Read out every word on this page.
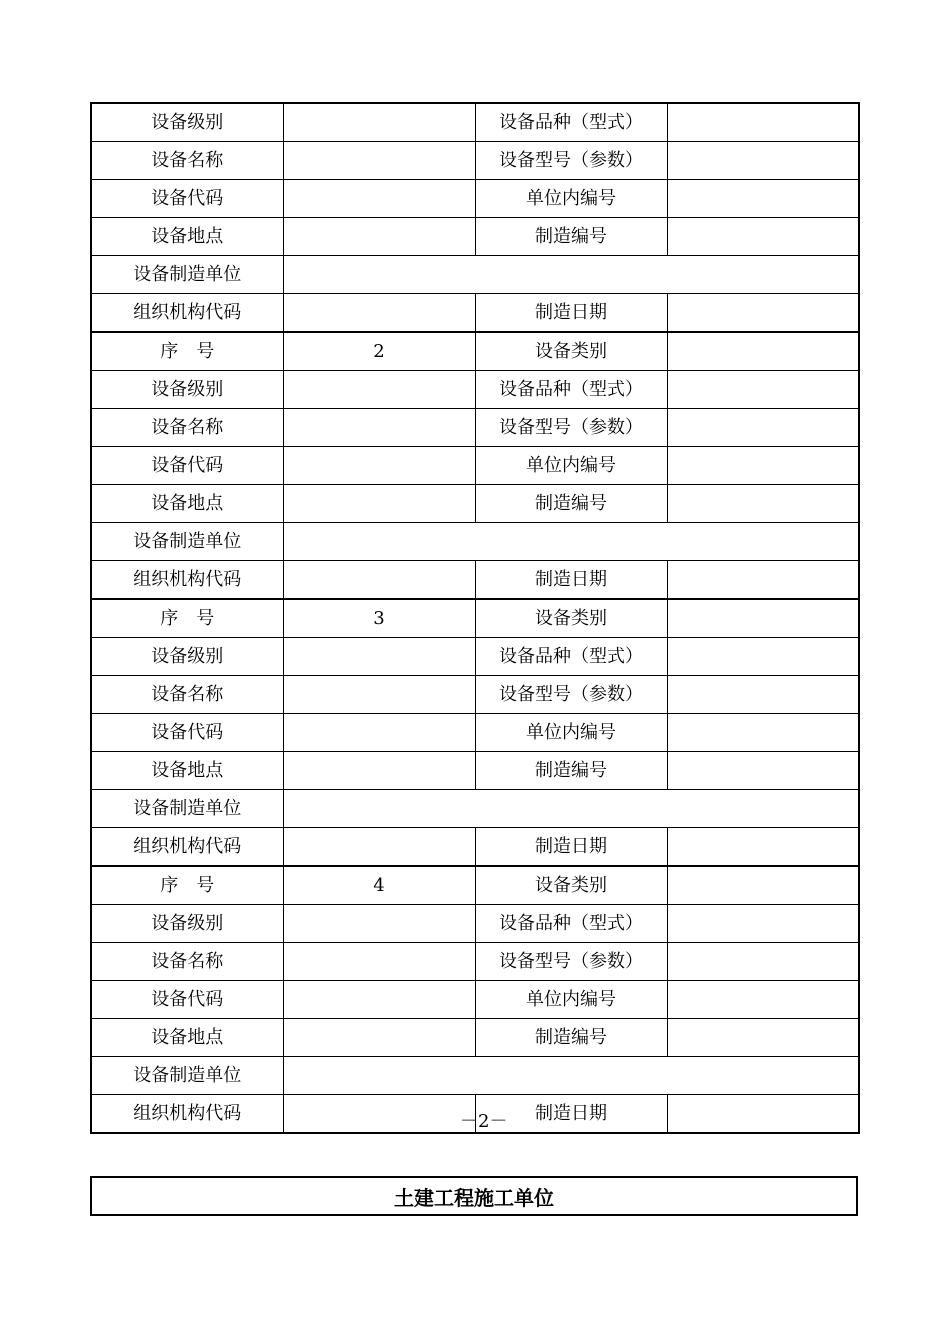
设备级别		设备品种（型式）	
设备名称		设备型号（参数）	
设备代码		单位内编号	
设备地点		制造编号	
设备制造单位			
组织机构代码		制造日期	
序　号	2	设备类别	
设备级别		设备品种（型式）	
设备名称		设备型号（参数）	
设备代码		单位内编号	
设备地点		制造编号	
设备制造单位			
组织机构代码		制造日期	
序　号	3	设备类别	
设备级别		设备品种（型式）	
设备名称		设备型号（参数）	
设备代码		单位内编号	
设备地点		制造编号	
设备制造单位			
组织机构代码		制造日期	
序　号	4	设备类别	
设备级别		设备品种（型式）	
设备名称		设备型号（参数）	
设备代码		单位内编号	
设备地点		制造编号	
设备制造单位			
组织机构代码		制造日期	
－2－
土建工程施工单位
